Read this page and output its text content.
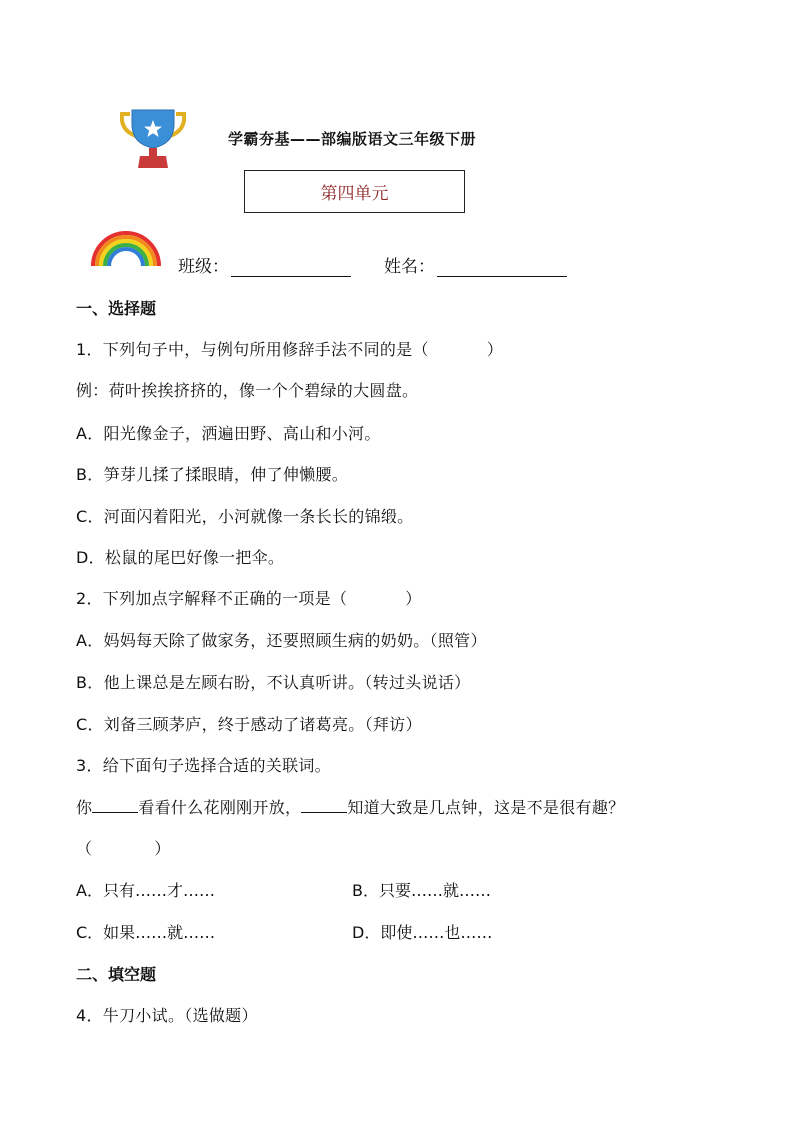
学霸夯基——部编版语文三年级下册
第四单元
班级：	姓名：
一、选择题
1．下列句子中，与例句所用修辞手法不同的是（	）
例：荷叶挨挨挤挤的，像一个个碧绿的大圆盘。
A．阳光像金子，洒遍田野、高山和小河。
B．笋芽儿揉了揉眼睛，伸了伸懒腰。
C．河面闪着阳光，小河就像一条长长的锦缎。
D．松鼠的尾巴好像一把伞。
2．下列加点字解释不正确的一项是（	）
A．妈妈每天除了做家务，还要照顾生病的奶奶。（照管）
B．他上课总是左顾右盼，不认真听讲。（转过头说话）
C．刘备三顾茅庐，终于感动了诸葛亮。（拜访）
3．给下面句子选择合适的关联词。
你	看看什么花刚刚开放，	知道大致是几点钟，这是不是很有趣？
（	）
A．只有……才……	B．只要……就……
C．如果……就……	D．即使……也……
二、填空题
4．牛刀小试。（选做题）
